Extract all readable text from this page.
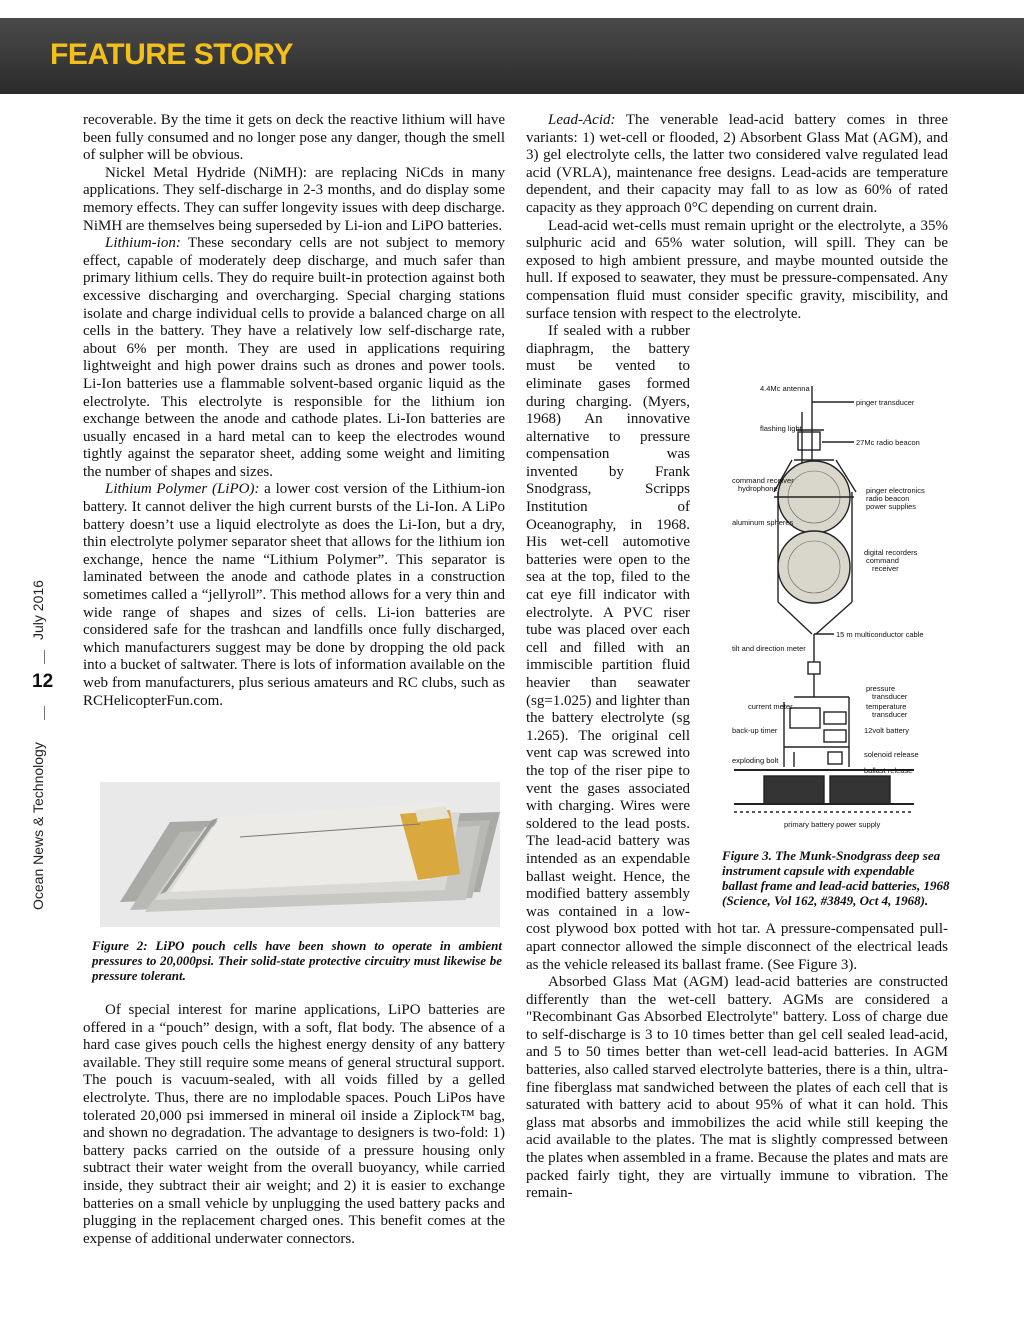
FEATURE STORY
Ocean News & Technology
12
July 2016

recoverable. By the time it gets on deck the reactive lithium will have been fully consumed and no longer pose any danger, though the smell of sulpher will be obvious.

Nickel Metal Hydride (NiMH): are replacing NiCds in many applications. They self-discharge in 2-3 months, and do display some memory effects. They can suffer longevity issues with deep discharge. NiMH are themselves being superseded by Li-ion and LiPO batteries.

Lithium-ion: These secondary cells are not subject to memory effect, capable of moderately deep discharge, and much safer than primary lithium cells. They do require built-in protection against both excessive discharging and overcharging. Special charging stations isolate and charge individual cells to provide a balanced charge on all cells in the battery. They have a relatively low self-discharge rate, about 6% per month. They are used in applications requiring lightweight and high power drains such as drones and power tools. Li-Ion batteries use a flammable solvent-based organic liquid as the electrolyte. This electrolyte is responsible for the lithium ion exchange between the anode and cathode plates. Li-Ion batteries are usually encased in a hard metal can to keep the electrodes wound tightly against the separator sheet, adding some weight and limiting the number of shapes and sizes.

Lithium Polymer (LiPO): a lower cost version of the Lithium-ion battery. It cannot deliver the high current bursts of the Li-Ion. A LiPo battery doesn’t use a liquid electrolyte as does the Li-Ion, but a dry, thin electrolyte polymer separator sheet that allows for the lithium ion exchange, hence the name “Lithium Polymer”. This separator is laminated between the anode and cathode plates in a construction sometimes called a “jellyroll”. This method allows for a very thin and wide range of shapes and sizes of cells. Li-ion batteries are considered safe for the trashcan and landfills once fully discharged, which manufacturers suggest may be done by dropping the old pack into a bucket of saltwater. There is lots of information available on the web from manufacturers, plus serious amateurs and RC clubs, such as RCHelicopterFun.com.

Figure 2: LiPO pouch cells have been shown to operate in ambient pressures to 20,000psi. Their solid-state protective circuitry must likewise be pressure tolerant.

Of special interest for marine applications, LiPO batteries are offered in a “pouch” design, with a soft, flat body. The absence of a hard case gives pouch cells the highest energy density of any battery available. They still require some means of general structural support. The pouch is vacuum-sealed, with all voids filled by a gelled electrolyte. Thus, there are no implodable spaces. Pouch LiPos have tolerated 20,000 psi immersed in mineral oil inside a Ziplock™ bag, and shown no degradation. The advantage to designers is two-fold: 1) battery packs carried on the outside of a pressure housing only subtract their water weight from the overall buoyancy, while carried inside, they subtract their air weight; and 2) it is easier to exchange batteries on a small vehicle by unplugging the used battery packs and plugging in the replacement charged ones. This benefit comes at the expense of additional underwater connectors.

Lead-Acid: The venerable lead-acid battery comes in three variants: 1) wet-cell or flooded, 2) Absorbent Glass Mat (AGM), and 3) gel electrolyte cells, the latter two considered valve regulated lead acid (VRLA), maintenance free designs. Lead-acids are temperature dependent, and their capacity may fall to as low as 60% of rated capacity as they approach 0°C depending on current drain.

Lead-acid wet-cells must remain upright or the electrolyte, a 35% sulphuric acid and 65% water solution, will spill. They can be exposed to high ambient pressure, and maybe mounted outside the hull. If exposed to seawater, they must be pressure-compensated. Any compensation fluid must consider specific gravity, miscibility, and surface tension with respect to the electrolyte.

If sealed with a rubber diaphragm, the battery must be vented to eliminate gases formed during charging. (Myers, 1968) An innovative alternative to pressure compensation was invented by Frank Snodgrass, Scripps Institution of Oceanography, in 1968. His wet-cell automotive batteries were open to the sea at the top, filed to the cat eye fill indicator with electrolyte. A PVC riser tube was placed over each cell and filled with an immiscible partition fluid heavier than seawater (sg=1.025) and lighter than the battery electrolyte (sg 1.265). The original cell vent cap was screwed into the top of the riser pipe to vent the gases associated with charging. Wires were soldered to the lead posts. The lead-acid battery was intended as an expendable ballast weight. Hence, the modified battery assembly was contained in a low-cost plywood box potted with hot tar. A pressure-compensated pull-apart connector allowed the simple disconnect of the electrical leads as the vehicle released its ballast frame. (See Figure 3).

Absorbed Glass Mat (AGM) lead-acid batteries are constructed differently than the wet-cell battery. AGMs are considered a "Recombinant Gas Absorbed Electrolyte" battery. Loss of charge due to self-discharge is 3 to 10 times better than gel cell sealed lead-acid, and 5 to 50 times better than wet-cell lead-acid batteries. In AGM batteries, also called starved electrolyte batteries, there is a thin, ultra-fine fiberglass mat sandwiched between the plates of each cell that is saturated with battery acid to about 95% of what it can hold. This glass mat absorbs and immobilizes the acid while still keeping the acid available to the plates. The mat is slightly compressed between the plates when assembled in a frame. Because the plates and mats are packed fairly tight, they are virtually immune to vibration. The remain-

4.4Mc antenna
pinger transducer
flashing light
27Mc radio beacon
command receiver
hydrophone	pinger electronics
radio beacon
power supplies
aluminum spheres
digital recorders
command
receiver
15 m multiconductor cable
tilt and direction meter
pressure
transducer
current meter	temperature
transducer
back-up timer	12volt battery
exploding bolt
solenoid release
ballast release
primary battery power supply
Figure 3. The Munk-Snodgrass deep sea instrument capsule with expendable ballast frame and lead-acid batteries, 1968 (Science, Vol 162, #3849, Oct 4, 1968).
